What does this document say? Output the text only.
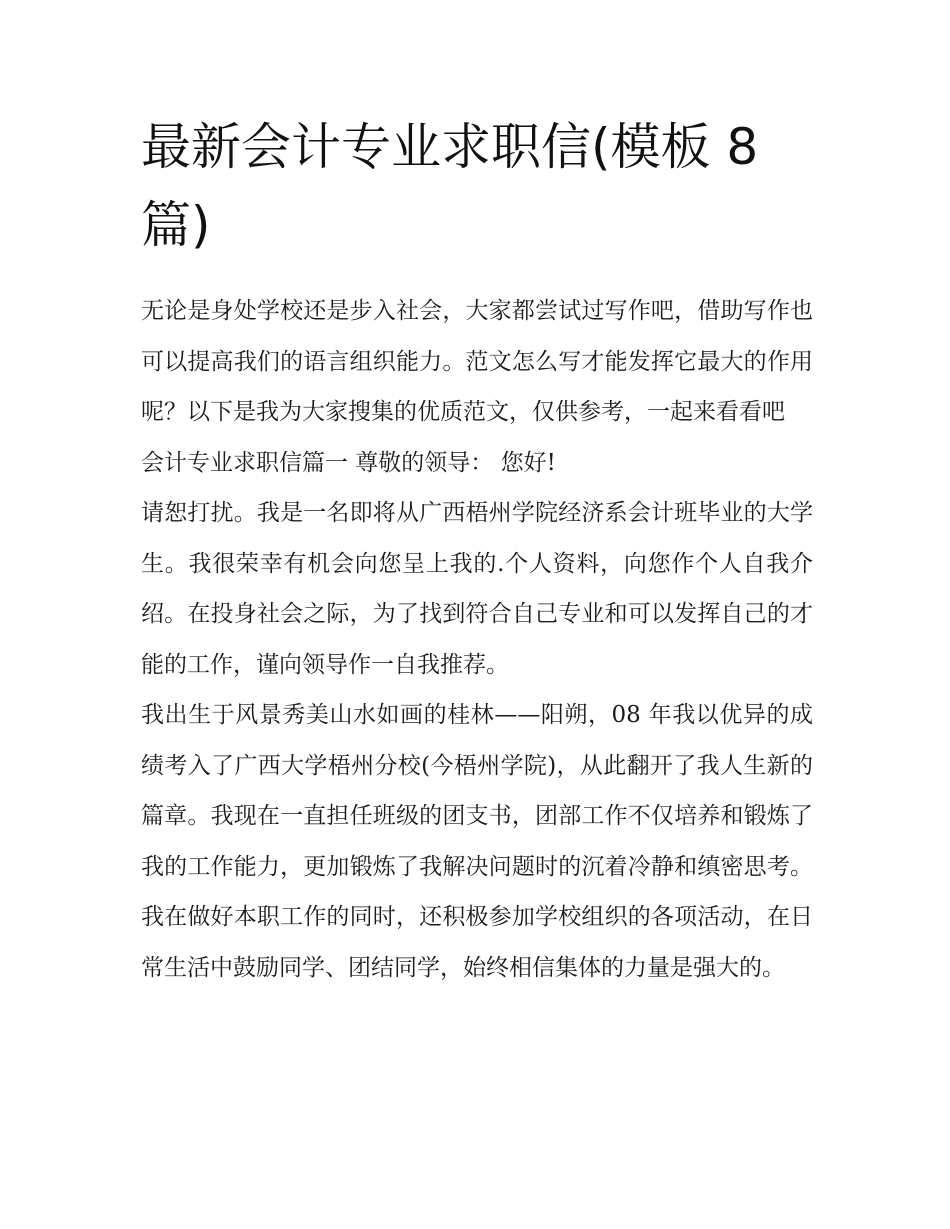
最新会计专业求职信(模板 8 篇)

无论是身处学校还是步入社会，大家都尝试过写作吧，借助写作也可以提高我们的语言组织能力。范文怎么写才能发挥它最大的作用呢？以下是我为大家搜集的优质范文，仅供参考，一起来看看吧

会计专业求职信篇一 尊敬的领导： 您好!

请恕打扰。我是一名即将从广西梧州学院经济系会计班毕业的大学生。我很荣幸有机会向您呈上我的.个人资料，向您作个人自我介绍。在投身社会之际，为了找到符合自己专业和可以发挥自己的才能的工作，谨向领导作一自我推荐。

我出生于风景秀美山水如画的桂林——阳朔，08 年我以优异的成绩考入了广西大学梧州分校(今梧州学院)，从此翻开了我人生新的篇章。我现在一直担任班级的团支书，团部工作不仅培养和锻炼了我的工作能力，更加锻炼了我解决问题时的沉着冷静和缜密思考。我在做好本职工作的同时，还积极参加学校组织的各项活动，在日常生活中鼓励同学、团结同学，始终相信集体的力量是强大的。
